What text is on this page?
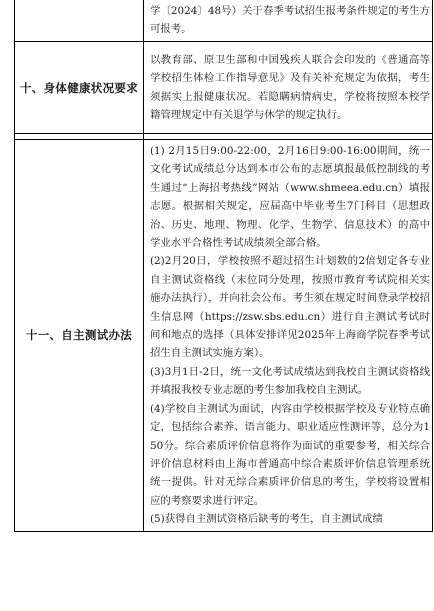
	学〔2024〕48号）关于春季考试招生报考条件规定的考生方可报考。

十、身体健康状况要求	以教育部、原卫生部和中国残疾人联合会印发的《普通高等学校招生体检工作指导意见》及有关补充规定为依据，考生须据实上报健康状况。若隐瞒病情病史，学校将按照本校学籍管理规定中有关退学与休学的规定执行。

十一、自主测试办法	(1) 2月15日9:00-22:00，2月16日9:00-16:00期间，统一文化考试成绩总分达到本市公布的志愿填报最低控制线的考生通过“上海招考热线”网站（www.shmeea.edu.cn）填报志愿。根据相关规定，应届高中毕业考生7门科目（思想政治、历史、地理、物理、化学、生物学、信息技术）的高中学业水平合格性考试成绩须全部合格。

(2)2月20日，学校按照不超过招生计划数的2倍划定各专业自主测试资格线（末位同分处理，按照市教育考试院相关实施办法执行），并向社会公布。考生须在规定时间登录学校招生信息网（https://zsw.sbs.edu.cn）进行自主测试考试时间和地点的选择（具体安排详见2025年上海商学院春季考试招生自主测试实施方案）。

(3)3月1日-2日，统一文化考试成绩达到我校自主测试资格线并填报我校专业志愿的考生参加我校自主测试。

(4)学校自主测试为面试，内容由学校根据学校及专业特点确定，包括综合素养、语言能力、职业适应性测评等，总分为150分。综合素质评价信息将作为面试的重要参考，相关综合评价信息材料由上海市普通高中综合素质评价信息管理系统统一提供。针对无综合素质评价信息的考生，学校将设置相应的考察要求进行评定。

(5)获得自主测试资格后缺考的考生，自主测试成绩
